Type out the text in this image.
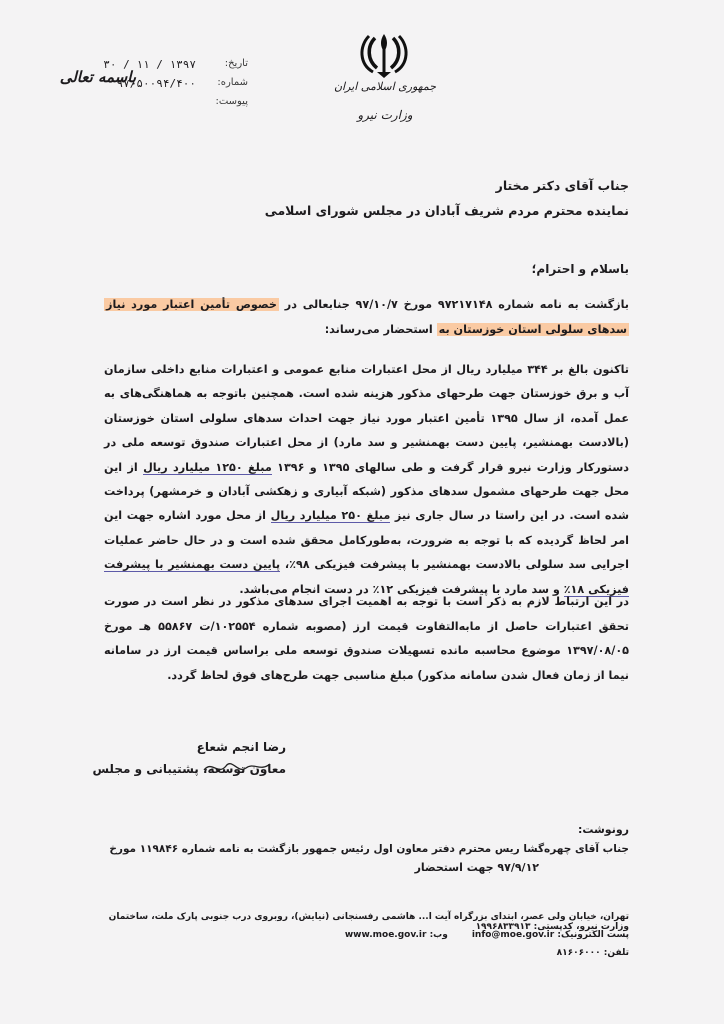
باسمه تعالی
جمهوری اسلامی ایران
وزارت نیرو
تاریخ:
۱۳۹۷ / ۱۱ / ۳۰
شماره:
۹۷/۵۰۰۹۴/۴۰۰
پیوست:
جناب آقای دکتر مختار
نماینده محترم مردم شریف آبادان در مجلس شورای اسلامی
باسلام و احترام؛
بازگشت به نامه شماره ۹۷۲۱۷۱۴۸ مورخ ۹۷/۱۰/۷ جنابعالی در خصوص تأمین اعتبار مورد نیاز سدهای سلولی استان خوزستان به استحضار می‌رساند:
تاکنون بالغ بر ۳۴۴ میلیارد ریال از محل اعتبارات منابع عمومی و اعتبارات منابع داخلی سازمان آب و برق خوزستان جهت طرحهای مذکور هزینه شده است. همچنین باتوجه به هماهنگی‌های به عمل آمده، از سال ۱۳۹۵ تأمین اعتبار مورد نیاز جهت احداث سدهای سلولی استان خوزستان (بالادست بهمنشیر، پایین دست بهمنشیر و سد مارد) از محل اعتبارات صندوق توسعه ملی در دستورکار وزارت نیرو قرار گرفت و طی سالهای ۱۳۹۵ و ۱۳۹۶ مبلغ ۱۲۵۰ میلیارد ریال از این محل جهت طرحهای مشمول سدهای مذکور (شبکه آبیاری و زهکشی آبادان و خرمشهر) پرداخت شده است. در این راستا در سال جاری نیز مبلغ ۲۵۰ میلیارد ریال از محل مورد اشاره جهت این امر لحاظ گردیده که با توجه به ضرورت، به‌طورکامل محقق شده است و در حال حاضر عملیات اجرایی سد سلولی بالادست بهمنشیر با پیشرفت فیزیکی ۹۸٪، پایین دست بهمنشیر با پیشرفت فیزیکی ۱۸٪ و سد مارد با پیشرفت فیزیکی ۱۲٪ در دست انجام می‌باشد.
در این ارتباط لازم به ذکر است با توجه به اهمیت اجرای سدهای مذکور در نظر است در صورت تحقق اعتبارات حاصل از مابه‌التفاوت قیمت ارز (مصوبه شماره ۱۰۲۵۵۴/ت ۵۵۸۶۷ هـ مورخ ۱۳۹۷/۰۸/۰۵ موضوع محاسبه مانده تسهیلات صندوق توسعه ملی براساس قیمت ارز در سامانه نیما از زمان فعال شدن سامانه مذکور) مبلغ مناسبی جهت طرح‌های فوق لحاظ گردد.
رضا انجم شعاع
معاون توسعه، پشتیبانی و مجلس
رونوشت:
جناب آقای چهره‌گشا ریس محترم دفتر معاون اول رئیس جمهور بازگشت به نامه شماره ۱۱۹۸۴۶ مورخ
۹۷/۹/۱۲ جهت استحضار
تهران، خیابان ولی عصر، ابتدای بزرگراه آیت ا... هاشمی رفسنجانی (نیایش)، روبروی درب جنوبی پارک ملت، ساختمان وزارت نیرو، کدپستی: ۱۹۹۶۸۳۳۹۱۳
پست الکترونیک: info@moe.gov.ir
وب: www.moe.gov.ir
تلفن: ۸۱۶۰۶۰۰۰
